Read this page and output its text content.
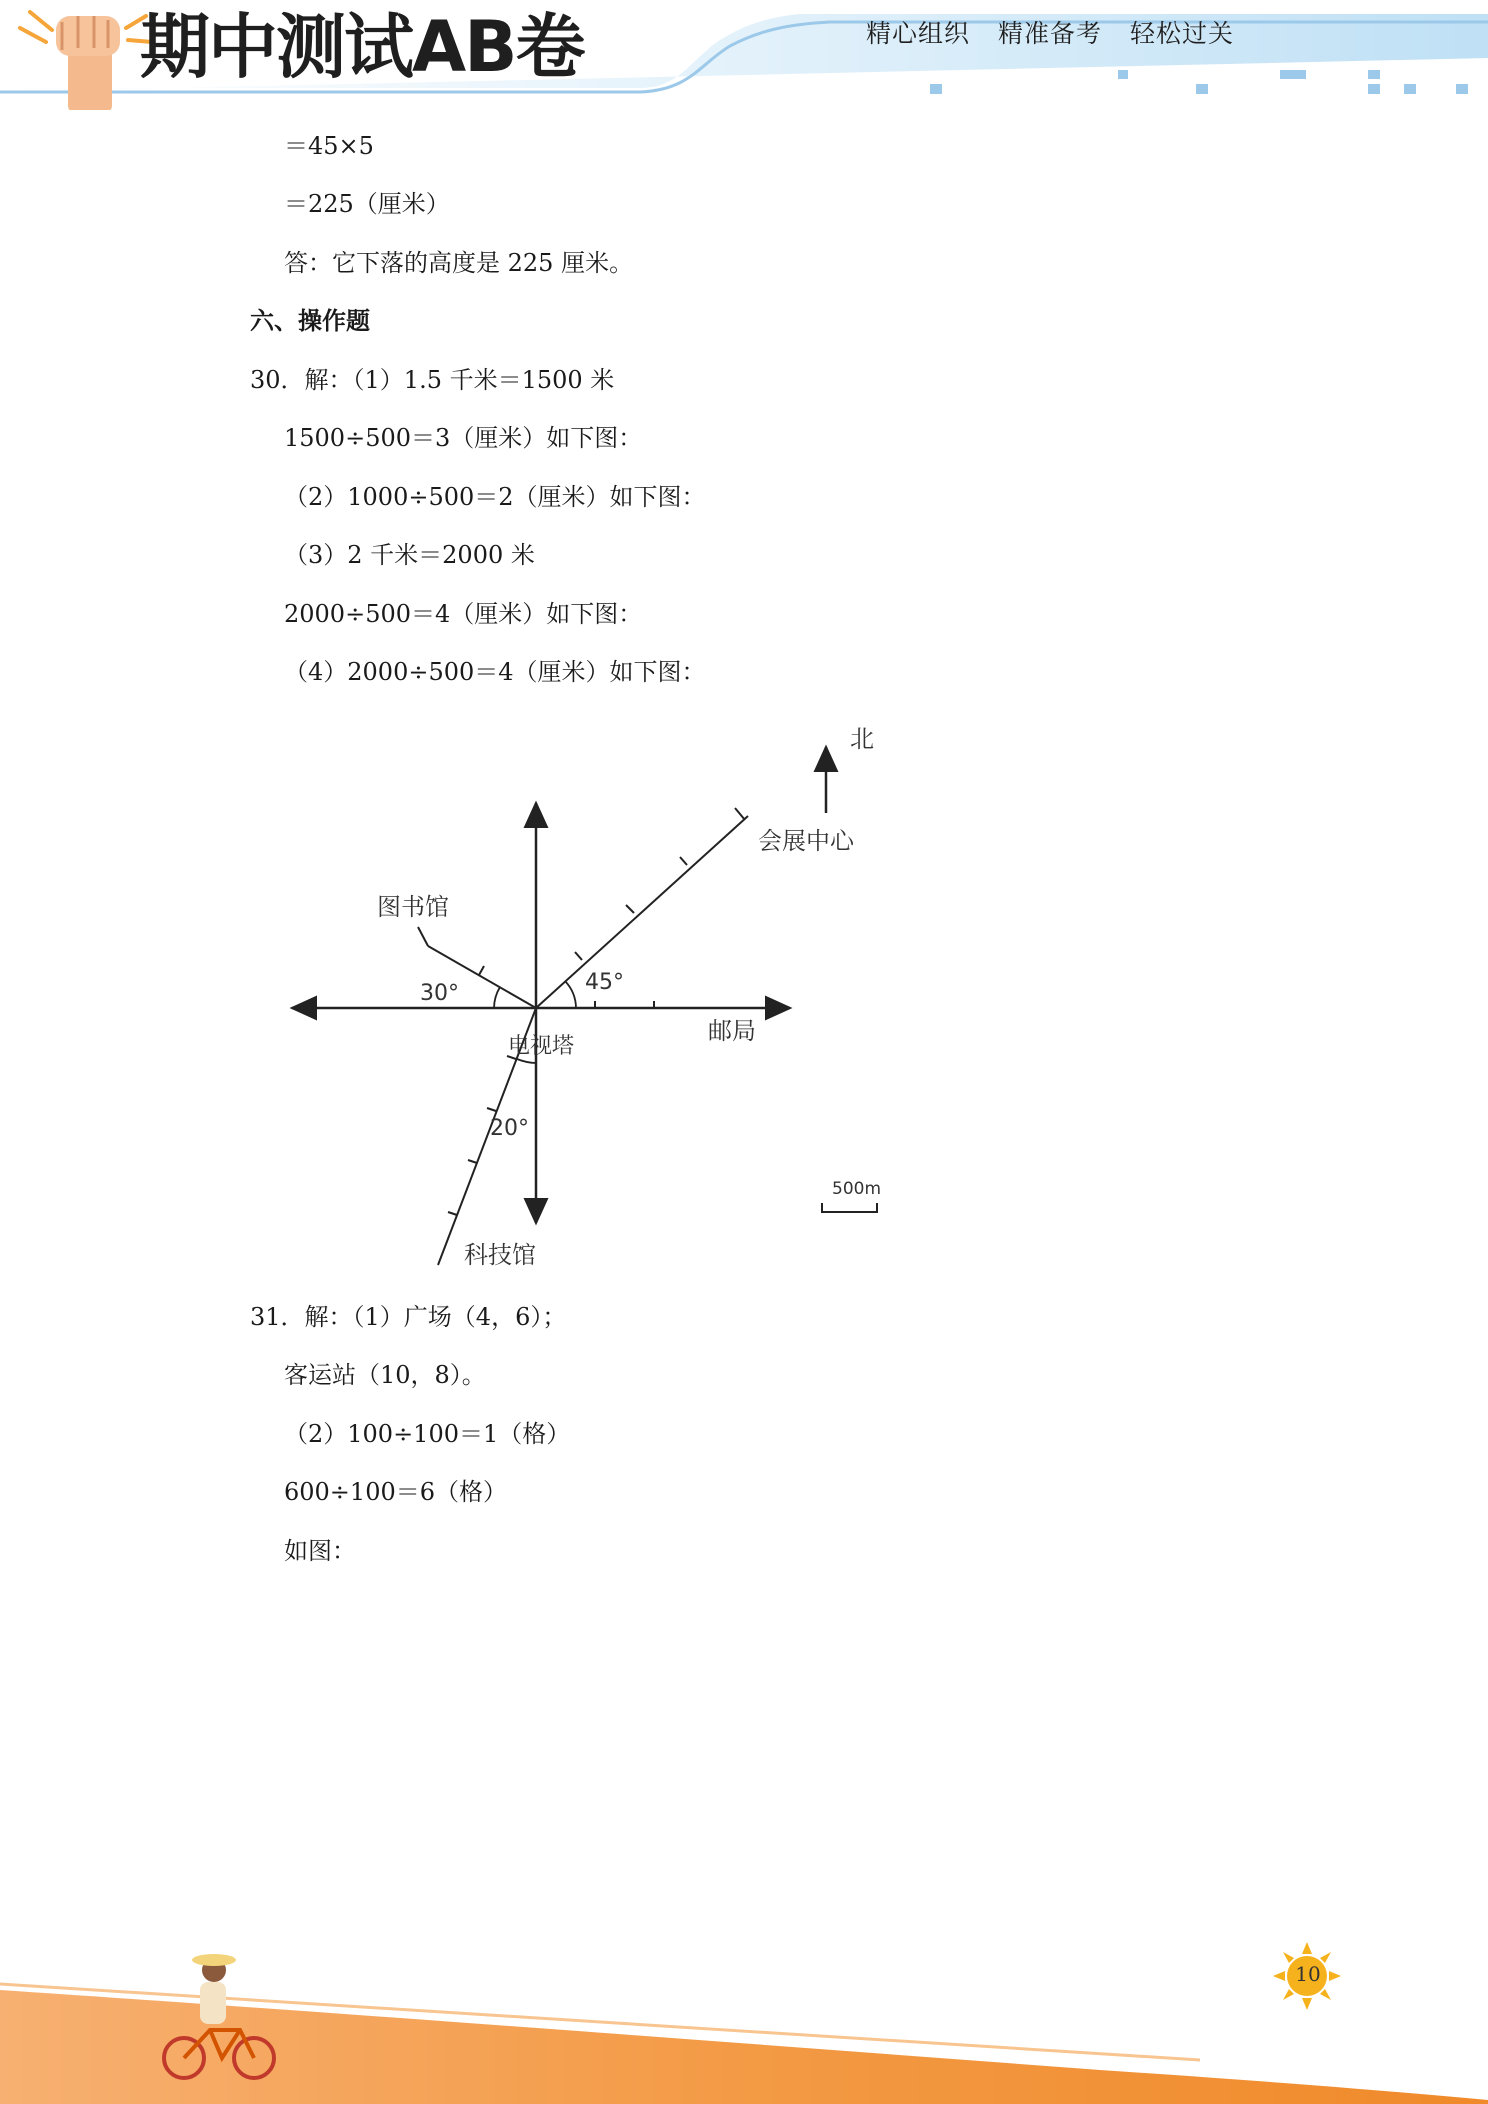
期中测试AB卷	精心组织 精准备考 轻松过关
＝45×5
＝225（厘米）
答：它下落的高度是 225 厘米。
六、操作题
30．解：（1）1.5 千米＝1500 米
1500÷500＝3（厘米）如下图：
（2）1000÷500＝2（厘米）如下图：
（3）2 千米＝2000 米
2000÷500＝4（厘米）如下图：
（4）2000÷500＝4（厘米）如下图：
北
会展中心
图书馆
邮局
电视塔
科技馆
30°	45°
20°
500m
31．解：（1）广场（4，6）；
客运站（10，8）。
（2）100÷100＝1（格）
600÷100＝6（格）
如图：
10
